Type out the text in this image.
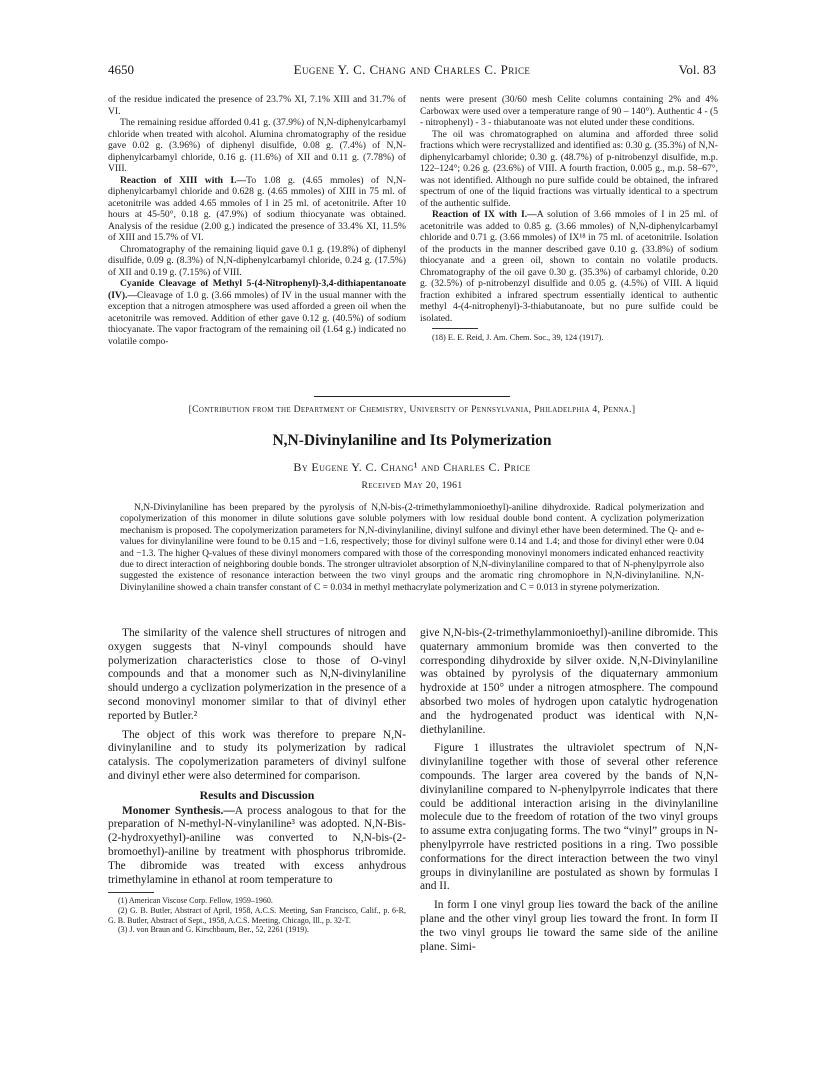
4650	Eugene Y. C. Chang and Charles C. Price	Vol. 83

of the residue indicated the presence of 23.7% XI, 7.1% XIII and 31.7% of VI.

The remaining residue afforded 0.41 g. (37.9%) of N,N-diphenylcarbamyl chloride when treated with alcohol. Alumina chromatography of the residue gave 0.02 g. (3.96%) of diphenyl disulfide, 0.08 g. (7.4%) of N,N-diphenylcarbamyl chloride, 0.16 g. (11.6%) of XII and 0.11 g. (7.78%) of VIII.

Reaction of XIII with I.—To 1.08 g. (4.65 mmoles) of N,N-diphenylcarbamyl chloride and 0.628 g. (4.65 mmoles) of XIII in 75 ml. of acetonitrile was added 4.65 mmoles of I in 25 ml. of acetonitrile. After 10 hours at 45-50°, 0.18 g. (47.9%) of sodium thiocyanate was obtained. Analysis of the residue (2.00 g.) indicated the presence of 33.4% XI, 11.5% of XIII and 15.7% of VI.

Chromatography of the remaining liquid gave 0.1 g. (19.8%) of diphenyl disulfide, 0.09 g. (8.3%) of N,N-diphenylcarbamyl chloride, 0.24 g. (17.5%) of XII and 0.19 g. (7.15%) of VIII.

Cyanide Cleavage of Methyl 5-(4-Nitrophenyl)-3,4-dithiapentanoate (IV).—Cleavage of 1.0 g. (3.66 mmoles) of IV in the usual manner with the exception that a nitrogen atmosphere was used afforded a green oil when the acetonitrile was removed. Addition of ether gave 0.12 g. (40.5%) of sodium thiocyanate. The vapor fractogram of the remaining oil (1.64 g.) indicated no volatile compo-

nents were present (30/60 mesh Celite columns containing 2% and 4% Carbowax were used over a temperature range of 90 – 140°). Authentic 4 - (5 - nitrophenyl) - 3 - thiabutanoate was not eluted under these conditions.

The oil was chromatographed on alumina and afforded three solid fractions which were recrystallized and identified as: 0.30 g. (35.3%) of N,N-diphenylcarbamyl chloride; 0.30 g. (48.7%) of p-nitrobenzyl disulfide, m.p. 122–124°; 0.26 g. (23.6%) of VIII. A fourth fraction, 0.005 g., m.p. 58–67°, was not identified. Although no pure sulfide could be obtained, the infrared spectrum of one of the liquid fractions was virtually identical to a spectrum of the authentic sulfide.

Reaction of IX with I.—A solution of 3.66 mmoles of I in 25 ml. of acetonitrile was added to 0.85 g. (3.66 mmoles) of N,N-diphenylcarbamyl chloride and 0.71 g. (3.66 mmoles) of IX¹⁸ in 75 ml. of acetonitrile. Isolation of the products in the manner described gave 0.10 g. (33.8%) of sodium thiocyanate and a green oil, shown to contain no volatile products. Chromatography of the oil gave 0.30 g. (35.3%) of carbamyl chloride, 0.20 g. (32.5%) of p-nitrobenzyl disulfide and 0.05 g. (4.5%) of VIII. A liquid fraction exhibited a infrared spectrum essentially identical to authentic methyl 4-(4-nitrophenyl)-3-thiabutanoate, but no pure sulfide could be isolated.

(18) E. E. Reid, J. Am. Chem. Soc., 39, 124 (1917).

[Contribution from the Department of Chemistry, University of Pennsylvania, Philadelphia 4, Penna.]
N,N-Divinylaniline and Its Polymerization
By Eugene Y. C. Chang¹ and Charles C. Price
Received May 20, 1961

N,N-Divinylaniline has been prepared by the pyrolysis of N,N-bis-(2-trimethylammonioethyl)-aniline dihydroxide. Radical polymerization and copolymerization of this monomer in dilute solutions gave soluble polymers with low residual double bond content. A cyclization polymerization mechanism is proposed. The copolymerization parameters for N,N-divinylaniline, divinyl sulfone and divinyl ether have been determined. The Q- and e-values for divinylaniline were found to be 0.15 and −1.6, respectively; those for divinyl sulfone were 0.14 and 1.4; and those for divinyl ether were 0.04 and −1.3. The higher Q-values of these divinyl monomers compared with those of the corresponding monovinyl monomers indicated enhanced reactivity due to direct interaction of neighboring double bonds. The stronger ultraviolet absorption of N,N-divinylaniline compared to that of N-phenylpyrrole also suggested the existence of resonance interaction between the two vinyl groups and the aromatic ring chromophore in N,N-divinylaniline. N,N-Divinylaniline showed a chain transfer constant of C = 0.034 in methyl methacrylate polymerization and C = 0.013 in styrene polymerization.

The similarity of the valence shell structures of nitrogen and oxygen suggests that N-vinyl compounds should have polymerization characteristics close to those of O-vinyl compounds and that a monomer such as N,N-divinylaniline should undergo a cyclization polymerization in the presence of a second monovinyl monomer similar to that of divinyl ether reported by Butler.²

The object of this work was therefore to prepare N,N-divinylaniline and to study its polymerization by radical catalysis. The copolymerization parameters of divinyl sulfone and divinyl ether were also determined for comparison.

Results and Discussion

Monomer Synthesis.—A process analogous to that for the preparation of N-methyl-N-vinylaniline³ was adopted. N,N-Bis-(2-hydroxyethyl)-aniline was converted to N,N-bis-(2-bromoethyl)-aniline by treatment with phosphorus tribromide. The dibromide was treated with excess anhydrous trimethylamine in ethanol at room temperature to

(1) American Viscose Corp. Fellow, 1959–1960.

(2) G. B. Butler, Abstract of April, 1958, A.C.S. Meeting, San Francisco, Calif., p. 6-R, G. B. Butler, Abstract of Sept., 1958, A.C.S. Meeting, Chicago, Ill., p. 32-T.

(3) J. von Braun and G. Kirschbaum, Ber., 52, 2261 (1919).

give N,N-bis-(2-trimethylammonioethyl)-aniline dibromide. This quaternary ammonium bromide was then converted to the corresponding dihydroxide by silver oxide. N,N-Divinylaniline was obtained by pyrolysis of the diquaternary ammonium hydroxide at 150° under a nitrogen atmosphere. The compound absorbed two moles of hydrogen upon catalytic hydrogenation and the hydrogenated product was identical with N,N-diethylaniline.

Figure 1 illustrates the ultraviolet spectrum of N,N-divinylaniline together with those of several other reference compounds. The larger area covered by the bands of N,N-divinylaniline compared to N-phenylpyrrole indicates that there could be additional interaction arising in the divinylaniline molecule due to the freedom of rotation of the two vinyl groups to assume extra conjugating forms. The two “vinyl” groups in N-phenylpyrrole have restricted positions in a ring. Two possible conformations for the direct interaction between the two vinyl groups in divinylaniline are postulated as shown by formulas I and II.

In form I one vinyl group lies toward the back of the aniline plane and the other vinyl group lies toward the front. In form II the two vinyl groups lie toward the same side of the aniline plane. Simi-
